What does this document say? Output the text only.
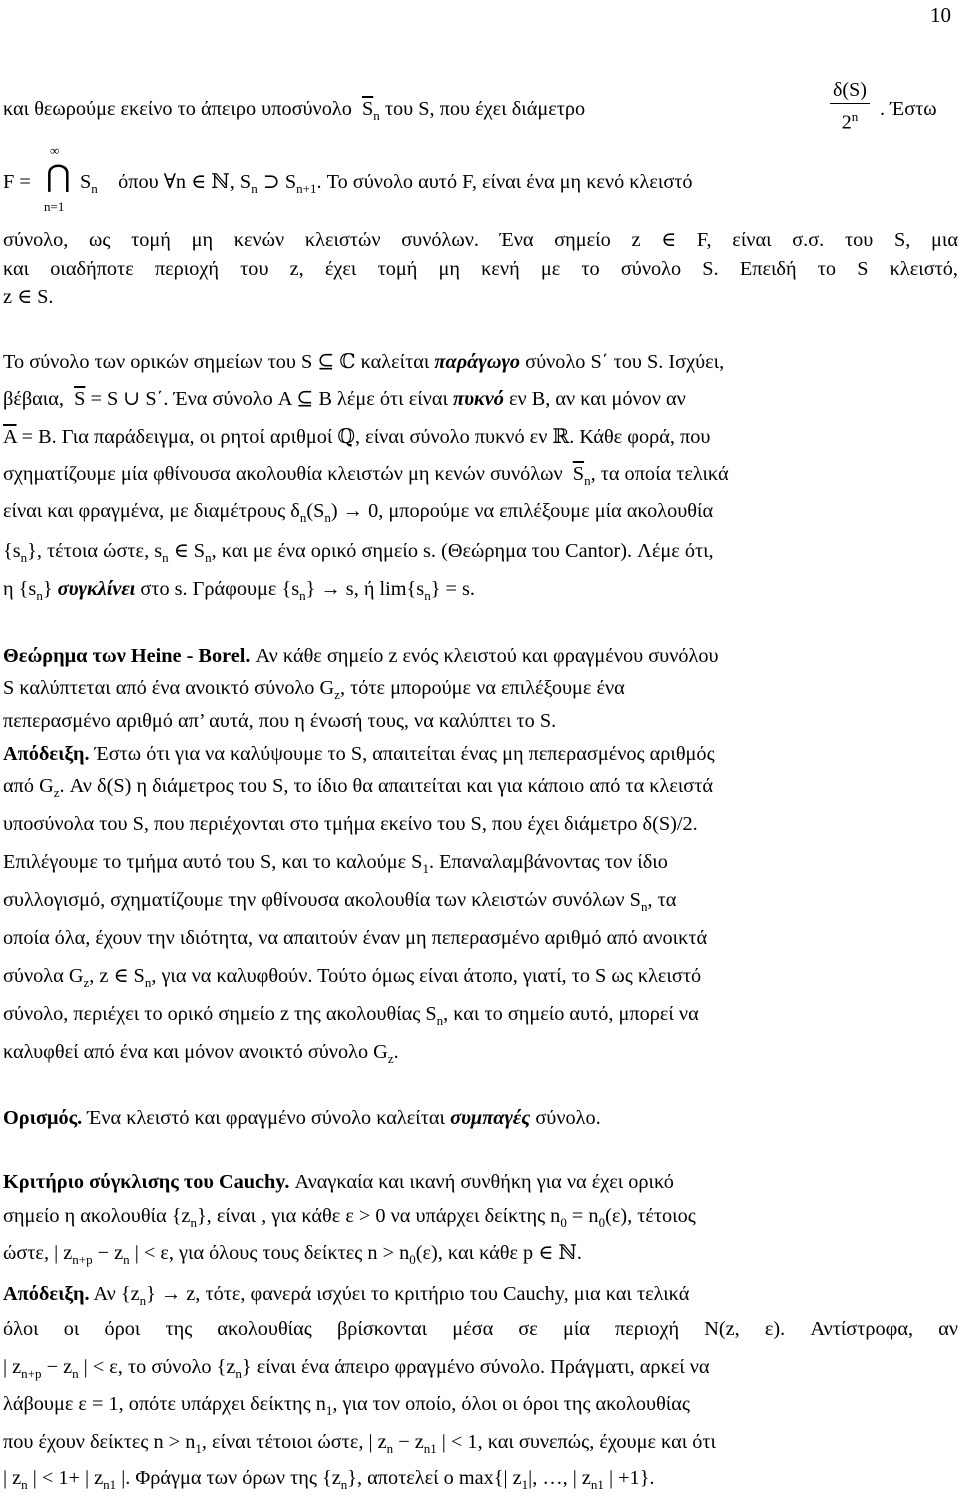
10
και θεωρούμε εκείνο το άπειρο υποσύνολο $\overline{S}_n$ του S, που έχει διάμετρο	$\frac{\delta(S)}{2^n}$ . Έστω
F =
∞
⋂
n=1
$S_n$ όπου ∀n ∈ ℕ, $S_n$ ⊃ $S_{n+1}$. Το σύνολο αυτό F, είναι ένα μη κενό κλειστό
σύνολο, ως τομή μη κενών κλειστών συνόλων. Ένα σημείο z ∈ F, είναι σ.σ. του S, μια
και οιαδήποτε περιοχή του z, έχει τομή μη κενή με το σύνολο S. Επειδή το S κλειστό,
z ∈ S.
Το σύνολο των ορικών σημείων του S ⊆ ℂ καλείται παράγωγο σύνολο S΄ του S. Ισχύει,
βέβαια, $\overline{S} = S$ ∪ S΄. Ένα σύνολο A ⊆ B λέμε ότι είναι πυκνό εν B, αν και μόνον αν
$\overline{A} = B$. Για παράδειγμα, οι ρητοί αριθμοί ℚ, είναι σύνολο πυκνό εν ℝ. Κάθε φορά, που
σχηματίζουμε μία φθίνουσα ακολουθία κλειστών μη κενών συνόλων $\overline{S}_n$, τα οποία τελικά
είναι και φραγμένα, με διαμέτρους $\delta_n(S_n) \to 0$, μπορούμε να επιλέξουμε μία ακολουθία
$\{s_n\}$, τέτοια ώστε, $s_n$ ∈ $S_n$, και με ένα ορικό σημείο s. (Θεώρημα του Cantor). Λέμε ότι,
η $\{s_n\}$ συγκλίνει στο s. Γράφουμε $\{s_n\} \to s$, ή $\lim\{s_n\} = s$.
Θεώρημα των Heine - Borel. Αν κάθε σημείο z ενός κλειστού και φραγμένου συνόλου
S καλύπτεται από ένα ανοικτό σύνολο $G_z$, τότε μπορούμε να επιλέξουμε ένα
πεπερασμένο αριθμό απ’ αυτά, που η ένωσή τους, να καλύπτει το S.
Απόδειξη. Έστω ότι για να καλύψουμε το S, απαιτείται ένας μη πεπερασμένος αριθμός
από $G_z$. Αν δ(S) η διάμετρος του S, το ίδιο θα απαιτείται και για κάποιο από τα κλειστά
υποσύνολα του S, που περιέχονται στο τμήμα εκείνο του S, που έχει διάμετρο δ(S)/2.
Επιλέγουμε το τμήμα αυτό του S, και το καλούμε $S_1$. Επαναλαμβάνοντας τον ίδιο
συλλογισμό, σχηματίζουμε την φθίνουσα ακολουθία των κλειστών συνόλων $S_n$, τα
οποία όλα, έχουν την ιδιότητα, να απαιτούν έναν μη πεπερασμένο αριθμό από ανοικτά
σύνολα $G_z$, z ∈ $S_n$, για να καλυφθούν. Τούτο όμως είναι άτοπο, γιατί, το S ως κλειστό
σύνολο, περιέχει το ορικό σημείο z της ακολουθίας $S_n$, και το σημείο αυτό, μπορεί να
καλυφθεί από ένα και μόνον ανοικτό σύνολο $G_z$.
Ορισμός. Ένα κλειστό και φραγμένο σύνολο καλείται συμπαγές σύνολο.
Κριτήριο σύγκλισης του Cauchy. Αναγκαία και ικανή συνθήκη για να έχει ορικό
σημείο η ακολουθία $\{z_n\}$, είναι , για κάθε ε > 0 να υπάρχει δείκτης $n_0 = n_0(\varepsilon)$, τέτοιος
ώστε, | $z_{n+p} - z_n$ | < ε, για όλους τους δείκτες $n > n_0(\varepsilon)$, και κάθε p ∈ ℕ.
Απόδειξη. Αν $\{z_n\} \to z$, τότε, φανερά ισχύει το κριτήριο του Cauchy, μια και τελικά
όλοι οι όροι της ακολουθίας βρίσκονται μέσα σε μία περιοχή N(z, ε). Αντίστροφα, αν
| $z_{n+p} - z_n$ | < ε, το σύνολο $\{z_n\}$ είναι ένα άπειρο φραγμένο σύνολο. Πράγματι, αρκεί να
λάβουμε ε = 1, οπότε υπάρχει δείκτης $n_1$, για τον οποίο, όλοι οι όροι της ακολουθίας
που έχουν δείκτες $n > n_1$, είναι τέτοιοι ώστε, | $z_n - z_{n1}$ | < 1, και συνεπώς, έχουμε και ότι
| $z_n$ | < 1+ | $z_{n1}$ |. Φράγμα των όρων της $\{z_n\}$, αποτελεί ο max{| $z_1|$, …, | $z_{n1}$ | +1}.
